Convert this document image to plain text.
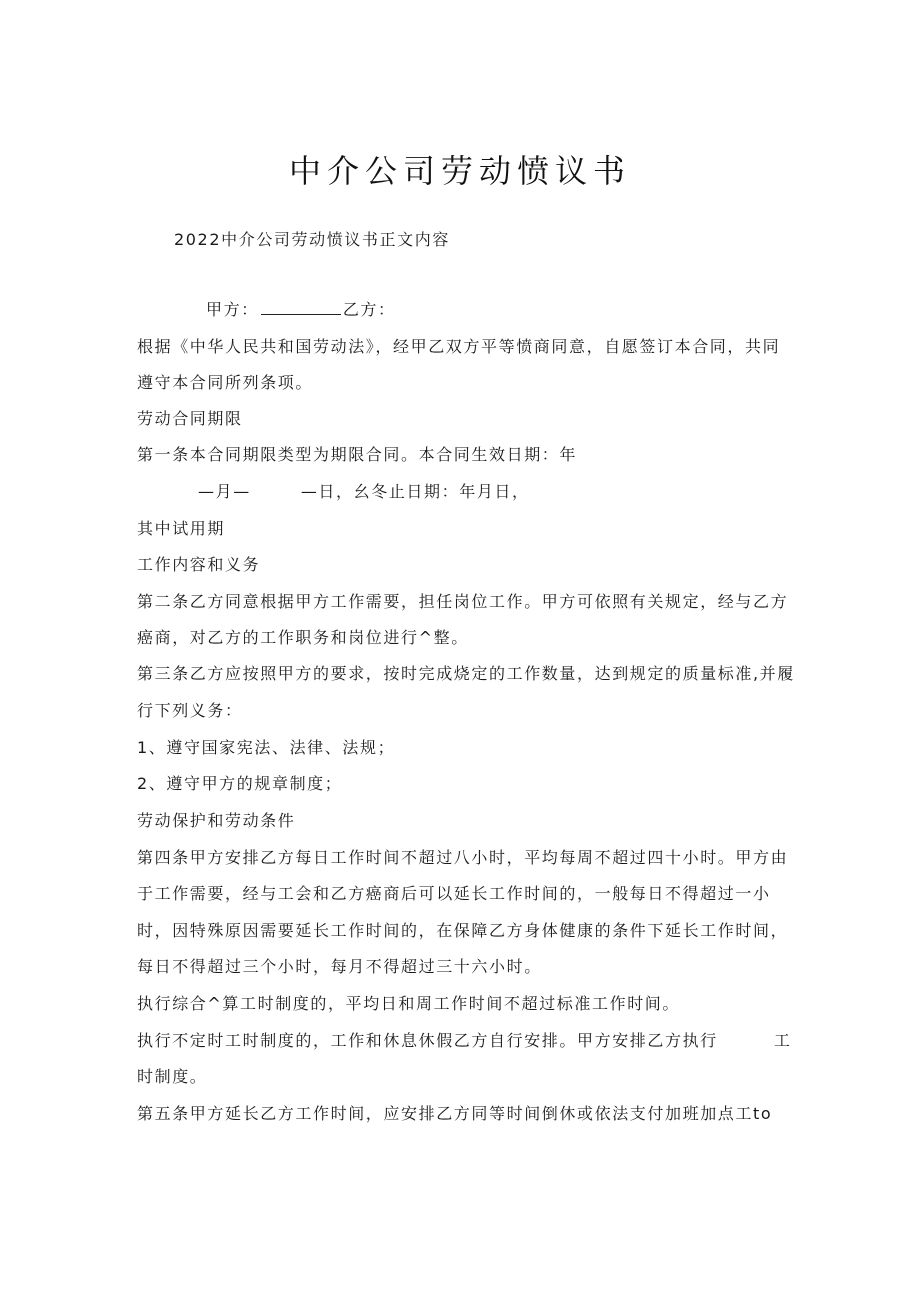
中介公司劳动愤议书
2022中介公司劳动愤议书正文内容
甲方：	乙方：
根据《中华人民共和国劳动法》，经甲乙双方平等愤商同意，自愿签订本合同，共同
遵守本合同所列条项。
劳动合同期限
第一条本合同期限类型为期限合同。本合同生效日期：年
—月—	—日，幺冬止日期：年月日，
其中试用期
工作内容和义务
第二条乙方同意根据甲方工作需要，担任岗位工作。甲方可依照有关规定，经与乙方
癌商，对乙方的工作职务和岗位进行^整。
第三条乙方应按照甲方的要求，按时完成烧定的工作数量，达到规定的质量标准,并履
行下列义务：
1、遵守国家宪法、法律、法规；
2、遵守甲方的规章制度；
劳动保护和劳动条件
第四条甲方安排乙方每日工作时间不超过八小时，平均每周不超过四十小时。甲方由
于工作需要，经与工会和乙方癌商后可以延长工作时间的，一般每日不得超过一小
时，因特殊原因需要延长工作时间的，在保障乙方身体健康的条件下延长工作时间，
每日不得超过三个小时，每月不得超过三十六小时。
执行综合^算工时制度的，平均日和周工作时间不超过标准工作时间。
执行不定时工时制度的，工作和休息休假乙方自行安排。甲方安排乙方执行	工
时制度。
第五条甲方延长乙方工作时间，应安排乙方同等时间倒休或依法支付加班加点工to
